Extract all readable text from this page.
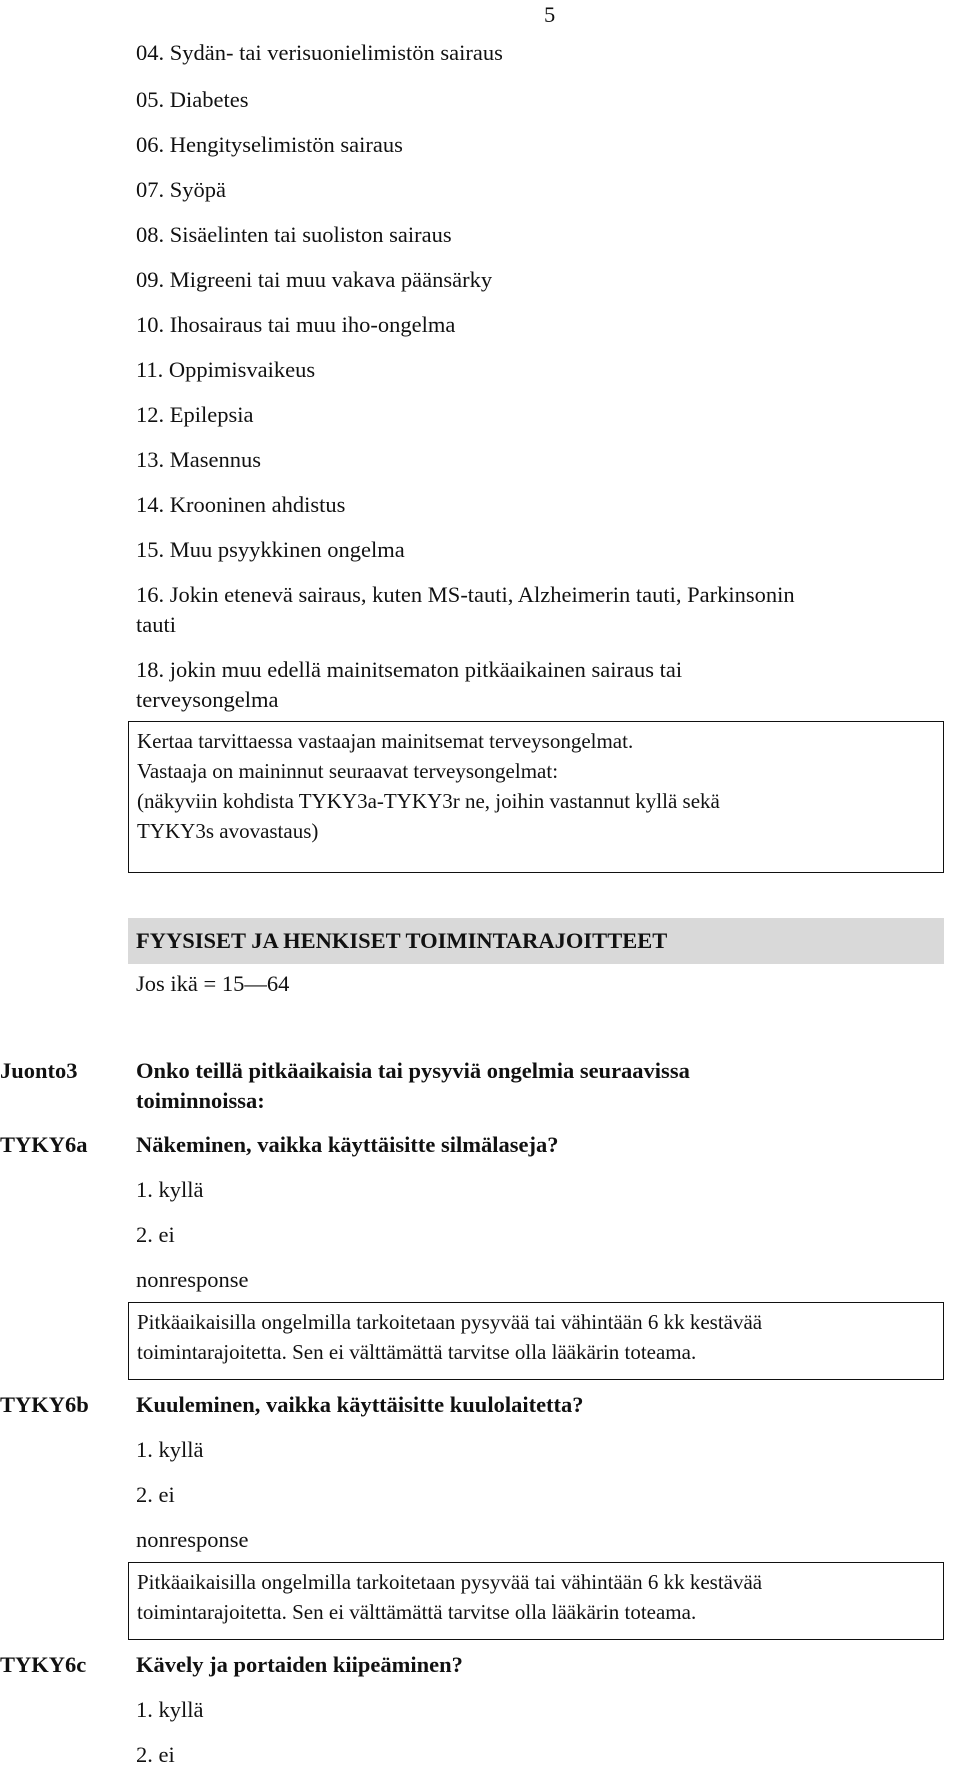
5
04. Sydän- tai verisuonielimistön sairaus
05. Diabetes
06. Hengityselimistön sairaus
07. Syöpä
08. Sisäelinten tai suoliston sairaus
09. Migreeni tai muu vakava päänsärky
10. Ihosairaus tai muu iho-ongelma
11. Oppimisvaikeus
12. Epilepsia
13. Masennus
14. Krooninen ahdistus
15. Muu psyykkinen ongelma
16. Jokin etenevä sairaus, kuten MS-tauti, Alzheimerin tauti, Parkinsonin
tauti
18. jokin muu edellä mainitsematon pitkäaikainen sairaus tai
terveysongelma
Kertaa tarvittaessa vastaajan mainitsemat terveysongelmat.
Vastaaja on maininnut seuraavat terveysongelmat:
(näkyviin kohdista TYKY3a-TYKY3r ne, joihin vastannut kyllä sekä
TYKY3s avovastaus)
FYYSISET JA HENKISET TOIMINTARAJOITTEET
Jos ikä = 15—64
Juonto3	Onko teillä pitkäaikaisia tai pysyviä ongelmia seuraavissa
toiminnoissa:
TYKY6a Näkeminen, vaikka käyttäisitte silmälaseja?
1. kyllä
2. ei
nonresponse
Pitkäaikaisilla ongelmilla tarkoitetaan pysyvää tai vähintään 6 kk kestävää
toimintarajoitetta. Sen ei välttämättä tarvitse olla lääkärin toteama.
TYKY6b Kuuleminen, vaikka käyttäisitte kuulolaitetta?
1. kyllä
2. ei
nonresponse
Pitkäaikaisilla ongelmilla tarkoitetaan pysyvää tai vähintään 6 kk kestävää
toimintarajoitetta. Sen ei välttämättä tarvitse olla lääkärin toteama.
TYKY6c Kävely ja portaiden kiipeäminen?
1. kyllä
2. ei
